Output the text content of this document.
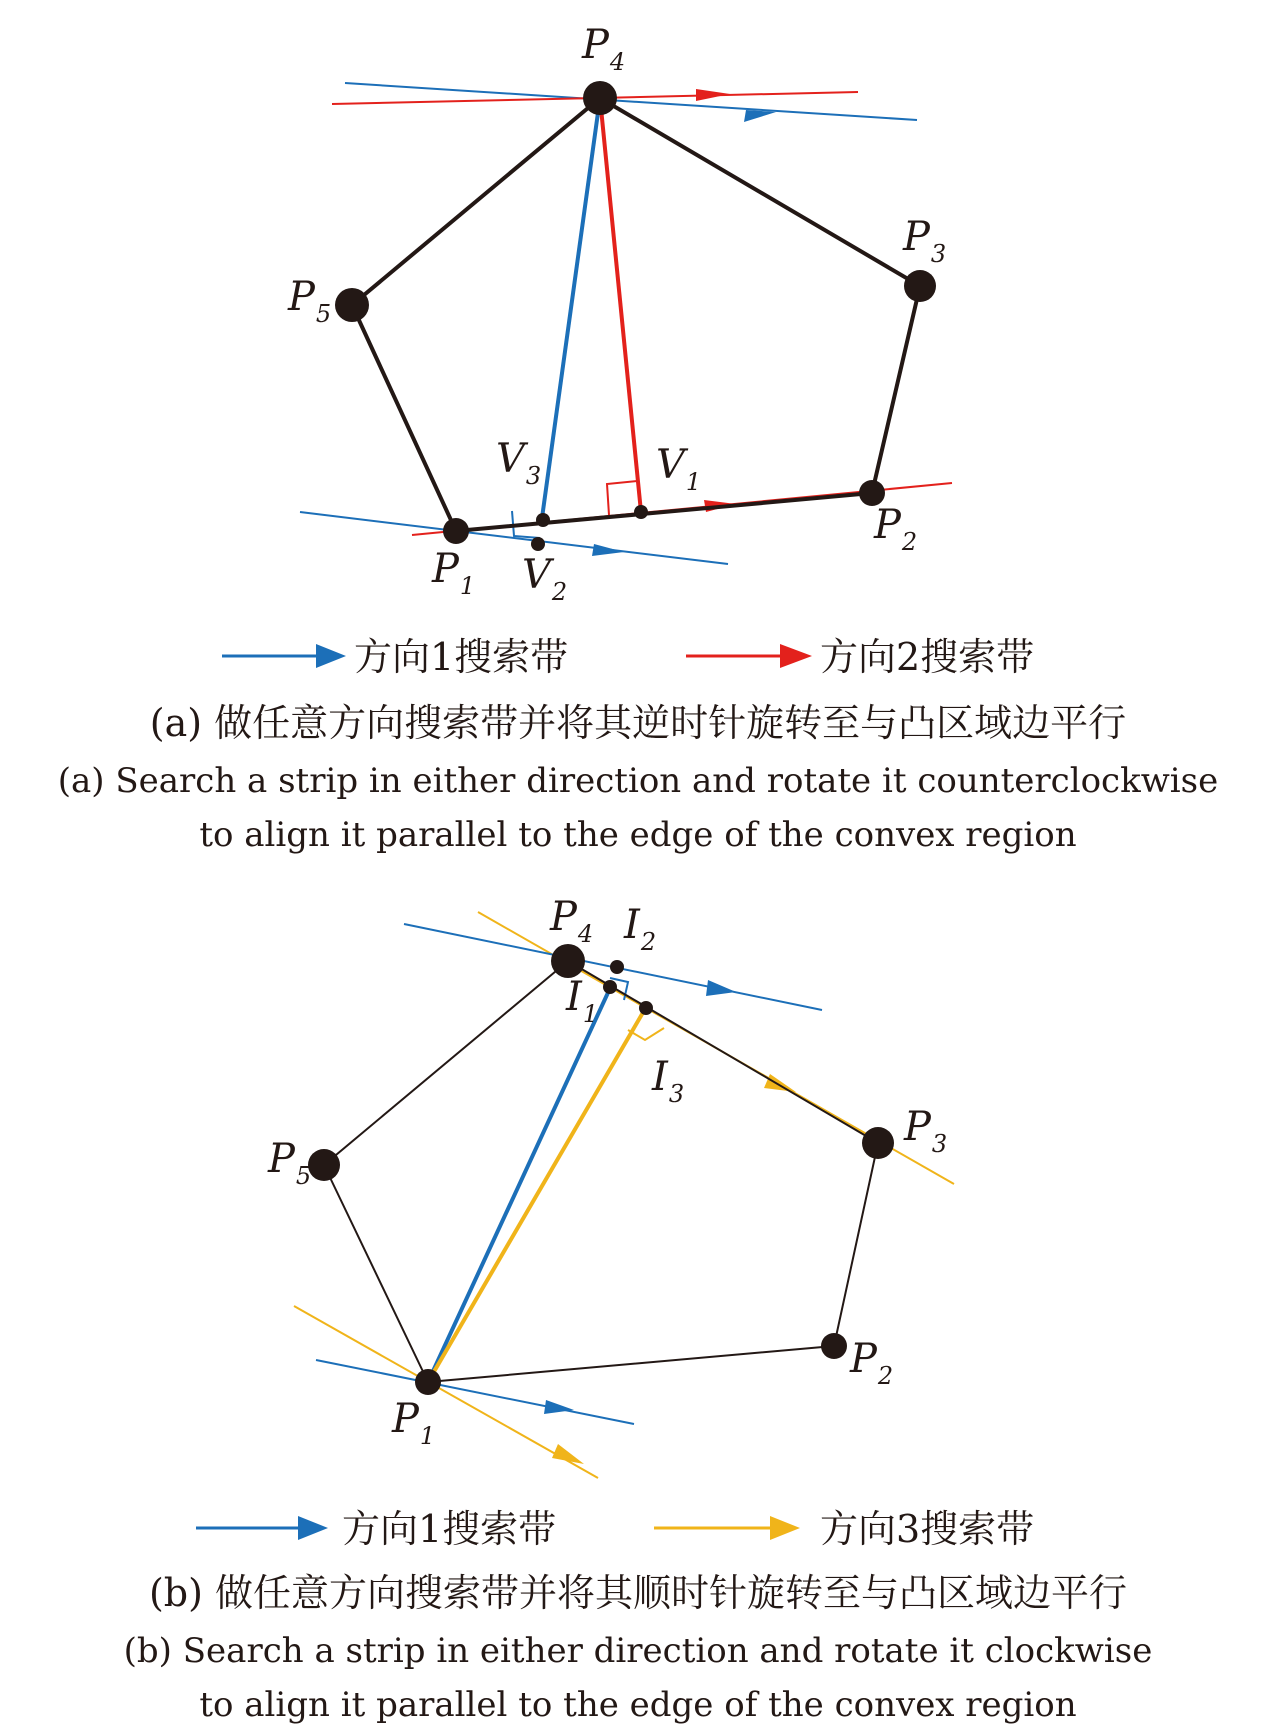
$P_4$
$P_3$
$P_5$
$P_2$
$P_1$
$V_1$
$V_3$
$V_2$
方向1搜索带	方向2搜索带
(a) 做任意方向搜索带并将其逆时针旋转至与凸区域边平行
(a) Search a strip in either direction and rotate it counterclockwise
to align it parallel to the edge of the convex region
$P_4$ $I_2$
$I_1$
$I_3$
$P_3$
$P_5$
$P_2$
$P_1$
方向1搜索带	方向3搜索带
(b) 做任意方向搜索带并将其顺时针旋转至与凸区域边平行
(b) Search a strip in either direction and rotate it clockwise
to align it parallel to the edge of the convex region
